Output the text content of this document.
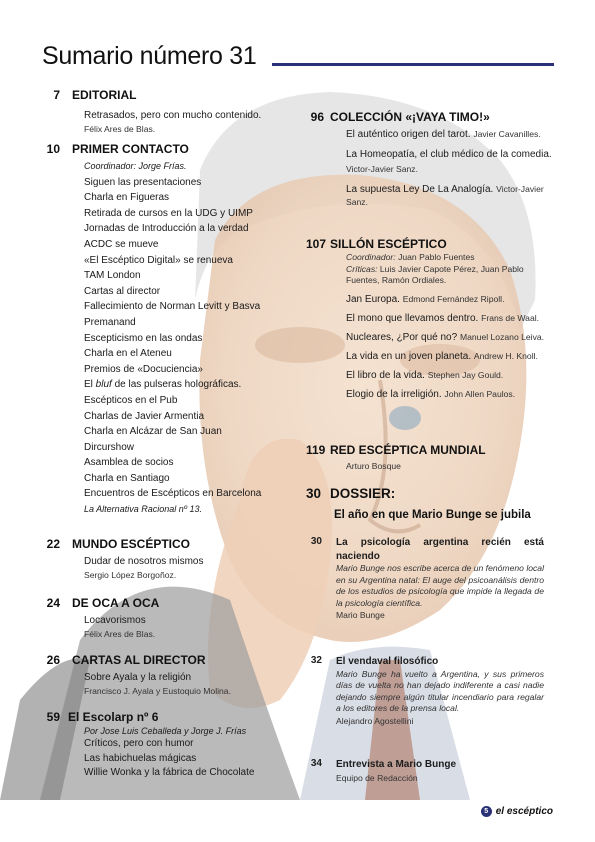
Sumario número 31
7 EDITORIAL
Retrasados, pero con mucho contenido.
Félix Ares de Blas.
10 PRIMER CONTACTO
Coordinador: Jorge Frías.
Siguen las presentaciones
Charla en Figueras
Retirada de cursos en la UDG y UIMP
Jornadas de Introducción a la verdad
ACDC se mueve
«El Escéptico Digital» se renueva
TAM London
Cartas al director
Fallecimiento de Norman Levitt y Basva
Premanand
Escepticismo en las ondas
Charla en el Ateneu
Premios de «Docuciencia»
El bluf de las pulseras holográficas.
Escépticos en el Pub
Charlas de Javier Armentia
Charla en Alcázar de San Juan
Dircurshow
Asamblea de socios
Charla en Santiago
Encuentros de Escépticos en Barcelona
La Alternativa Racional nº 13.
22 MUNDO ESCÉPTICO
Dudar de nosotros mismos
Sergio López Borgoñoz.
24 DE OCA A OCA
Locavorismos
Félix Ares de Blas.
26 CARTAS AL DIRECTOR
Sobre Ayala y la religión
Francisco J. Ayala y Eustoquio Molina.
59 El Escolarp nº 6
Por Jose Luis Ceballeda y Jorge J. Frías
Críticos, pero con humor
Las habichuelas mágicas
Willie Wonka y la fábrica de Chocolate
96 COLECCIÓN «¡VAYA TIMO!»
El auténtico origen del tarot. Javier Cavanilles.
La Homeopatía, el club médico de la comedia. Victor-Javier Sanz.
La supuesta Ley De La Analogía. Victor-Javier Sanz.
107 SILLÓN ESCÉPTICO
Coordinador: Juan Pablo Fuentes
Críticas: Luis Javier Capote Pérez, Juan Pablo Fuentes, Ramón Ordiales.
Jan Europa. Edmond Fernández Ripoll.
El mono que llevamos dentro. Frans de Waal.
Nucleares, ¿Por qué no? Manuel Lozano Leiva.
La vida en un joven planeta. Andrew H. Knoll.
El libro de la vida. Stephen Jay Gould.
Elogio de la irreligión. John Allen Paulos.
119 RED ESCÉPTICA MUNDIAL
Arturo Bosque
30 DOSSIER:
El año en que Mario Bunge se jubila
30 La psicología argentina recién está naciendo
Mario Bunge nos escribe acerca de un fenómeno local en su Argentina natal: El auge del psicoanálisis dentro de los estudios de psicología que impide la llegada de la psicología científica.
Mario Bunge
32 El vendaval filosófico
Mario Bunge ha vuelto a Argentina, y sus primeros días de vuelta no han dejado indiferente a casi nadie dejando siempre algún titular incendiario para regalar a los editores de la prensa local.
Alejandro Agostellini
34 Entrevista a Mario Bunge
Equipo de Redacción
5 el escéptico
